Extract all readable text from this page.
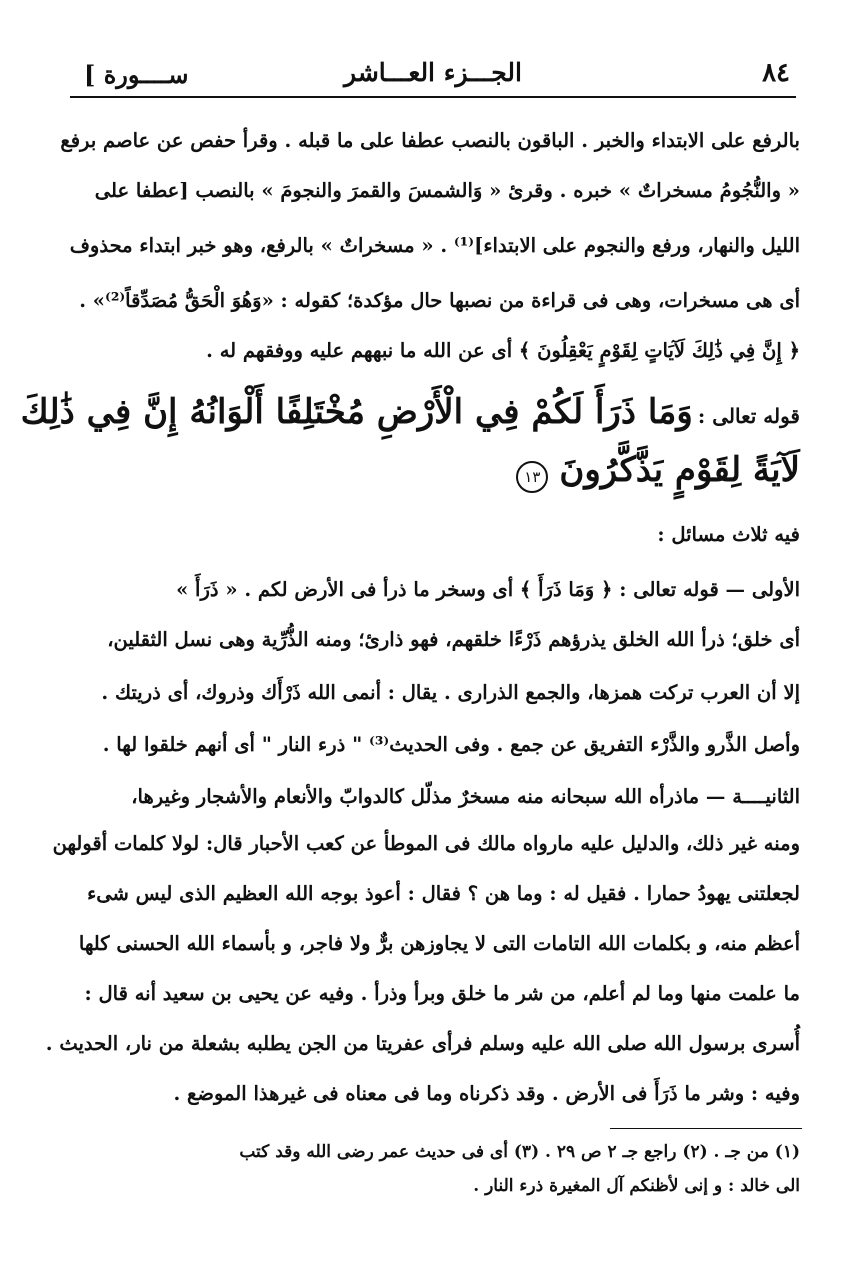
٨٤
الجـــزء العـــاشر
[ ســــورة
بالرفع على الابتداء والخبر . الباقون بالنصب عطفا على ما قبله . وقرأ حفص عن عاصم برفع
« والنُّجُومُ مسخراتٌ » خبره . وقرئ « وَالشمسَ والقمرَ والنجومَ » بالنصب [عطفا على
الليل والنهار، ورفع والنجوم على الابتداء]⁽¹⁾ . « مسخراتٌ » بالرفع، وهو خبر ابتداء محذوف
أى هى مسخرات، وهى فى قراءة من نصبها حال مؤكدة؛ كقوله : «وَهُوَ الْحَقُّ مُصَدِّقاً⁽²⁾» .
﴿ إِنَّ فِي ذَٰلِكَ لَآيَاتٍ لِقَوْمٍ يَعْقِلُونَ ﴾ أى عن الله ما نبههم عليه ووفقهم له .
قوله تعالى : وَمَا ذَرَأَ لَكُمْ فِي الْأَرْضِ مُخْتَلِفًا أَلْوَانُهُ إِنَّ فِي ذَٰلِكَ
لَآيَةً لِقَوْمٍ يَذَّكَّرُونَ ١٣
فيه ثلاث مسائل :
الأولى — قوله تعالى : ﴿ وَمَا ذَرَأَ ﴾ أى وسخر ما ذرأ فى الأرض لكم . « ذَرَأَ »
أى خلق؛ ذرأ الله الخلق يذرؤهم ذَرْءًا خلقهم، فهو ذارئ؛ ومنه الذُّرِّية وهى نسل الثقلين،
إلا أن العرب تركت همزها، والجمع الذرارى . يقال : أنمى الله ذَرْأَك وذروك، أى ذريتك .
وأصل الذَّرو والذَّرْء التفريق عن جمع . وفى الحديث⁽³⁾ " ذرء النار " أى أنهم خلقوا لها .
الثانيــــة — ماذرأه الله سبحانه منه مسخرٌ مذلّل كالدوابّ والأنعام والأشجار وغيرها،
ومنه غير ذلك، والدليل عليه مارواه مالك فى الموطأ عن كعب الأحبار قال: لولا كلمات أقولهن
لجعلتنى يهودُ حمارا . فقيل له : وما هن ؟ فقال : أعوذ بوجه الله العظيم الذى ليس شىء
أعظم منه، و بكلمات الله التامات التى لا يجاوزهن برٌّ ولا فاجر، و بأسماء الله الحسنى كلها
ما علمت منها وما لم أعلم، من شر ما خلق وبرأ وذرأ . وفيه عن يحيى بن سعيد أنه قال :
أُسرى برسول الله صلى الله عليه وسلم فرأى عفريتا من الجن يطلبه بشعلة من نار، الحديث .
وفيه : وشر ما ذَرَأَ فى الأرض . وقد ذكرناه وما فى معناه فى غيرهذا الموضع .
(١) من جـ . (٢) راجع جـ ٢ ص ٢٩ . (٣) أى فى حديث عمر رضى الله وقد كتب
الى خالد : و إنى لأظنكم آل المغيرة ذرء النار .
